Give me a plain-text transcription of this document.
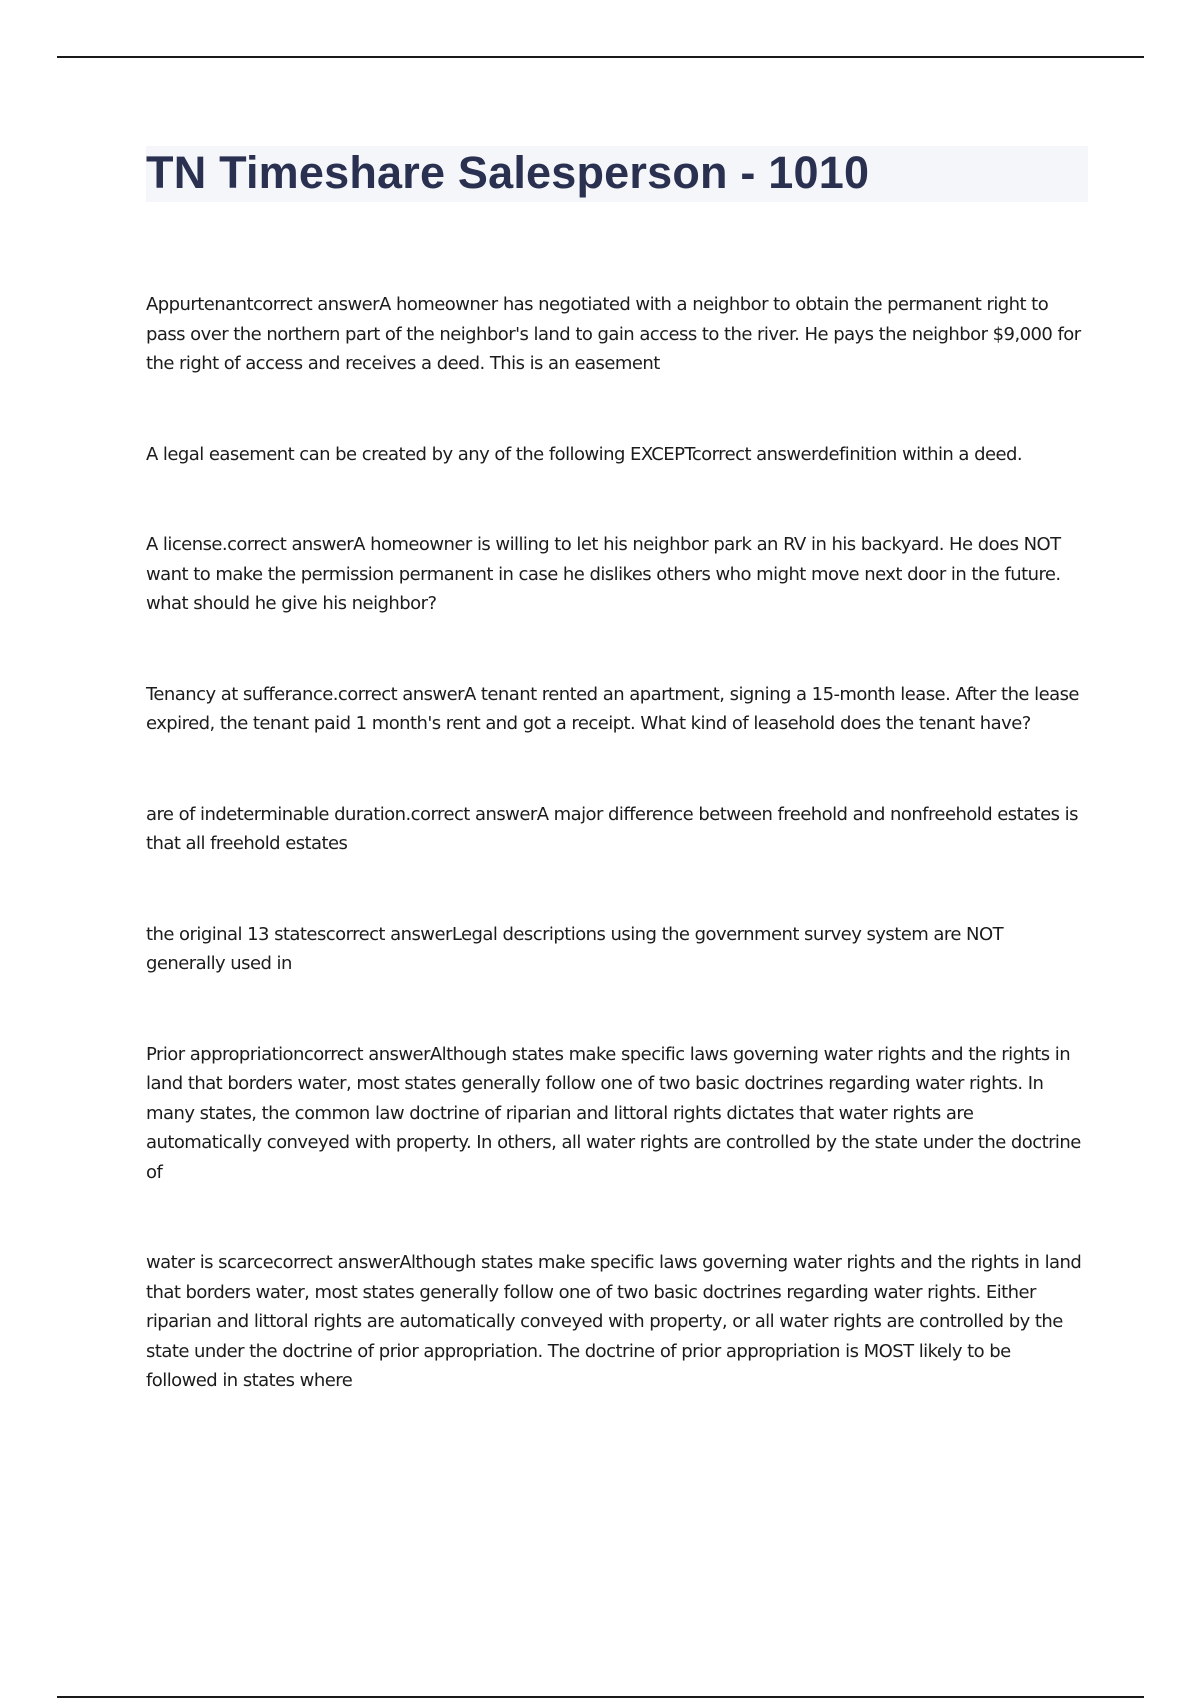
TN Timeshare Salesperson - 1010

Appurtenantcorrect answerA homeowner has negotiated with a neighbor to obtain the permanent right to pass over the northern part of the neighbor's land to gain access to the river. He pays the neighbor $9,000 for the right of access and receives a deed. This is an easement

A legal easement can be created by any of the following EXCEPTcorrect answerdefinition within a deed.

A license.correct answerA homeowner is willing to let his neighbor park an RV in his backyard. He does NOT want to make the permission permanent in case he dislikes others who might move next door in the future. what should he give his neighbor?

Tenancy at sufferance.correct answerA tenant rented an apartment, signing a 15-month lease. After the lease expired, the tenant paid 1 month's rent and got a receipt. What kind of leasehold does the tenant have?

are of indeterminable duration.correct answerA major difference between freehold and nonfreehold estates is that all freehold estates

the original 13 statescorrect answerLegal descriptions using the government survey system are NOT generally used in

Prior appropriationcorrect answerAlthough states make specific laws governing water rights and the rights in land that borders water, most states generally follow one of two basic doctrines regarding water rights. In many states, the common law doctrine of riparian and littoral rights dictates that water rights are automatically conveyed with property. In others, all water rights are controlled by the state under the doctrine of

water is scarcecorrect answerAlthough states make specific laws governing water rights and the rights in land that borders water, most states generally follow one of two basic doctrines regarding water rights. Either riparian and littoral rights are automatically conveyed with property, or all water rights are controlled by the state under the doctrine of prior appropriation. The doctrine of prior appropriation is MOST likely to be followed in states where
